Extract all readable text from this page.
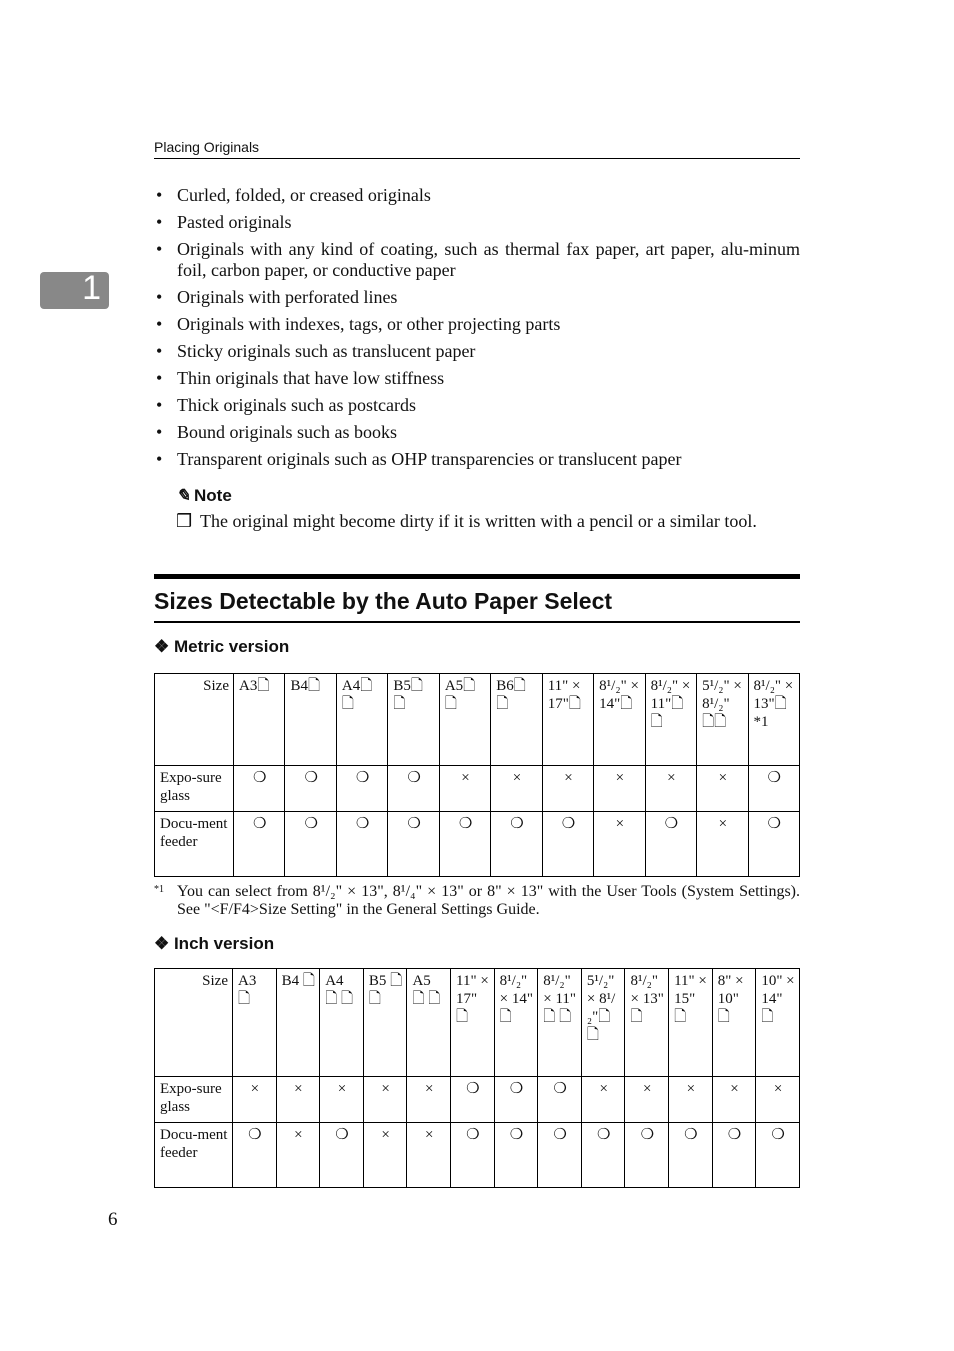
Placing Originals
1
• Curled, folded, or creased originals
• Pasted originals
• Originals with any kind of coating, such as thermal fax paper, art paper, alu-minum foil, carbon paper, or conductive paper
• Originals with perforated lines
• Originals with indexes, tags, or other projecting parts
• Sticky originals such as translucent paper
• Thin originals that have low stiffness
• Thick originals such as postcards
• Bound originals such as books
• Transparent originals such as OHP transparencies or translucent paper
✎ Note
❒ The original might become dirty if it is written with a pencil or a similar tool.
Sizes Detectable by the Auto Paper Select
❖ Metric version
Size	A3🗋	B4🗋	A4🗋 🗋	B5🗋 🗋	A5🗋 🗋	B6🗋 🗋	11" × 17"🗋	8¹/₂" × 14"🗋	8¹/₂" × 11"🗋 🗋	5¹/₂" × 8¹/₂" 🗋🗋	8¹/₂" × 13"🗋 *1
Expo-sure glass	❍	❍	❍	❍	×	×	×	×	×	×	❍
Docu-ment feeder	❍	❍	❍	❍	❍	❍	❍	×	❍	×	❍
*1 You can select from 8¹/₂" × 13", 8¹/₄" × 13" or 8" × 13" with the User Tools (System Settings). See "<F/F4>Size Setting" in the General Settings Guide.
❖ Inch version
Size	A3 🗋	B4 🗋	A4 🗋 🗋	B5 🗋 🗋	A5 🗋 🗋	11" × 17" 🗋	8¹/₂" × 14" 🗋	8¹/₂" × 11" 🗋 🗋	5¹/₂" × 8¹/₂"🗋 🗋	8¹/₂" × 13" 🗋	11" × 15" 🗋	8" × 10" 🗋	10" × 14" 🗋
Expo-sure glass	×	×	×	×	×	❍	❍	❍	×	×	×	×	×
Docu-ment feeder	❍	×	❍	×	×	❍	❍	❍	❍	❍	❍	❍	❍
6
